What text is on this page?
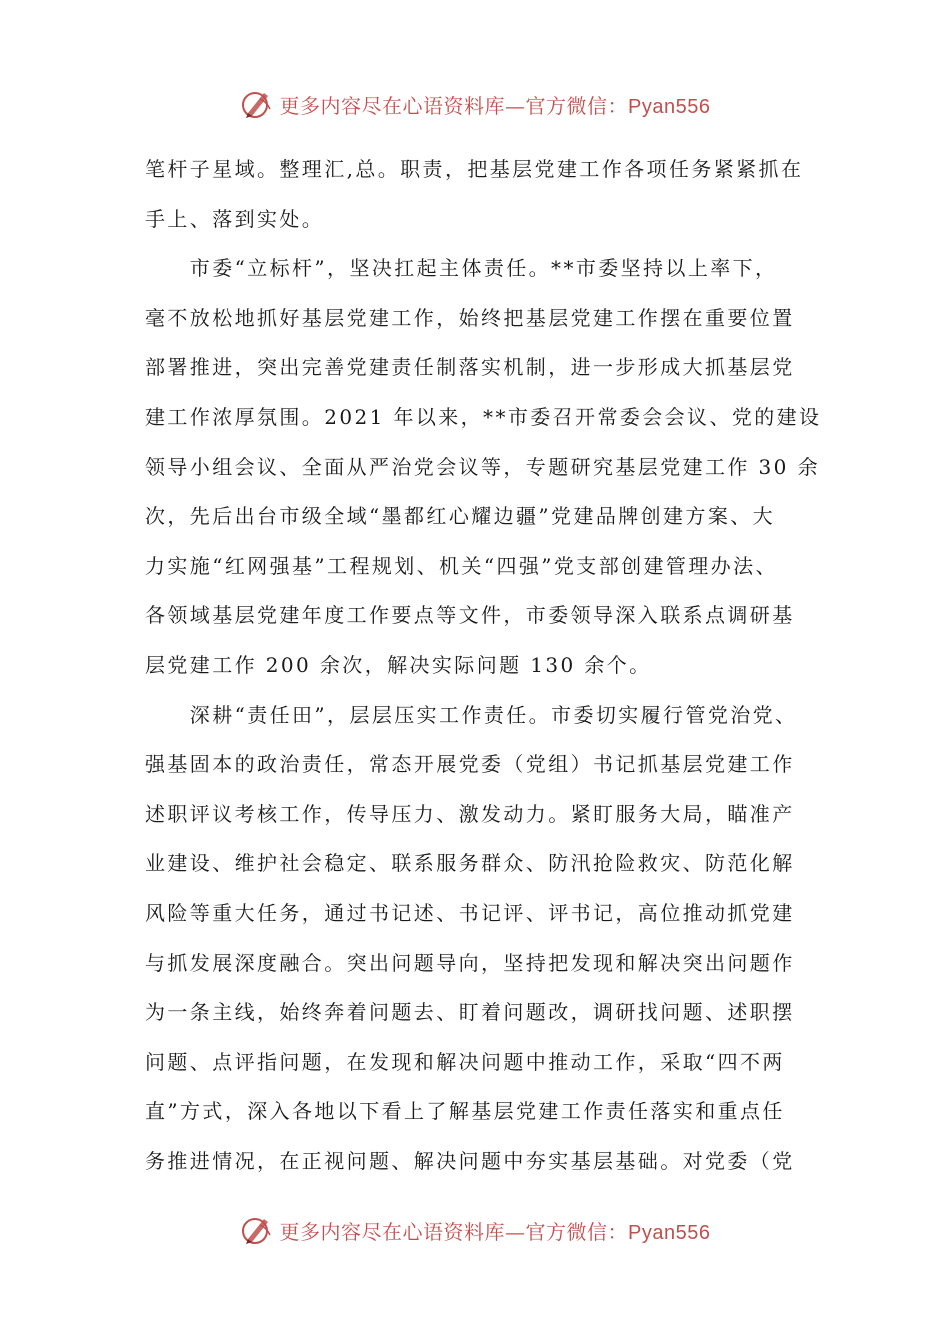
更多内容尽在心语资料库—官方微信：Pyan556
笔杆子星域。整理汇,总。职责，把基层党建工作各项任务紧紧抓在
手上、落到实处。
　　市委“立标杆”，坚决扛起主体责任。**市委坚持以上率下，
毫不放松地抓好基层党建工作，始终把基层党建工作摆在重要位置
部署推进，突出完善党建责任制落实机制，进一步形成大抓基层党
建工作浓厚氛围。2021 年以来，**市委召开常委会会议、党的建设
领导小组会议、全面从严治党会议等，专题研究基层党建工作 30 余
次，先后出台市级全域“墨都红心耀边疆”党建品牌创建方案、大
力实施“红网强基”工程规划、机关“四强”党支部创建管理办法、
各领域基层党建年度工作要点等文件，市委领导深入联系点调研基
层党建工作 200 余次，解决实际问题 130 余个。
　　深耕“责任田”，层层压实工作责任。市委切实履行管党治党、
强基固本的政治责任，常态开展党委（党组）书记抓基层党建工作
述职评议考核工作，传导压力、激发动力。紧盯服务大局，瞄准产
业建设、维护社会稳定、联系服务群众、防汛抢险救灾、防范化解
风险等重大任务，通过书记述、书记评、评书记，高位推动抓党建
与抓发展深度融合。突出问题导向，坚持把发现和解决突出问题作
为一条主线，始终奔着问题去、盯着问题改，调研找问题、述职摆
问题、点评指问题，在发现和解决问题中推动工作，采取“四不两
直”方式，深入各地以下看上了解基层党建工作责任落实和重点任
务推进情况，在正视问题、解决问题中夯实基层基础。对党委（党
更多内容尽在心语资料库—官方微信：Pyan556
